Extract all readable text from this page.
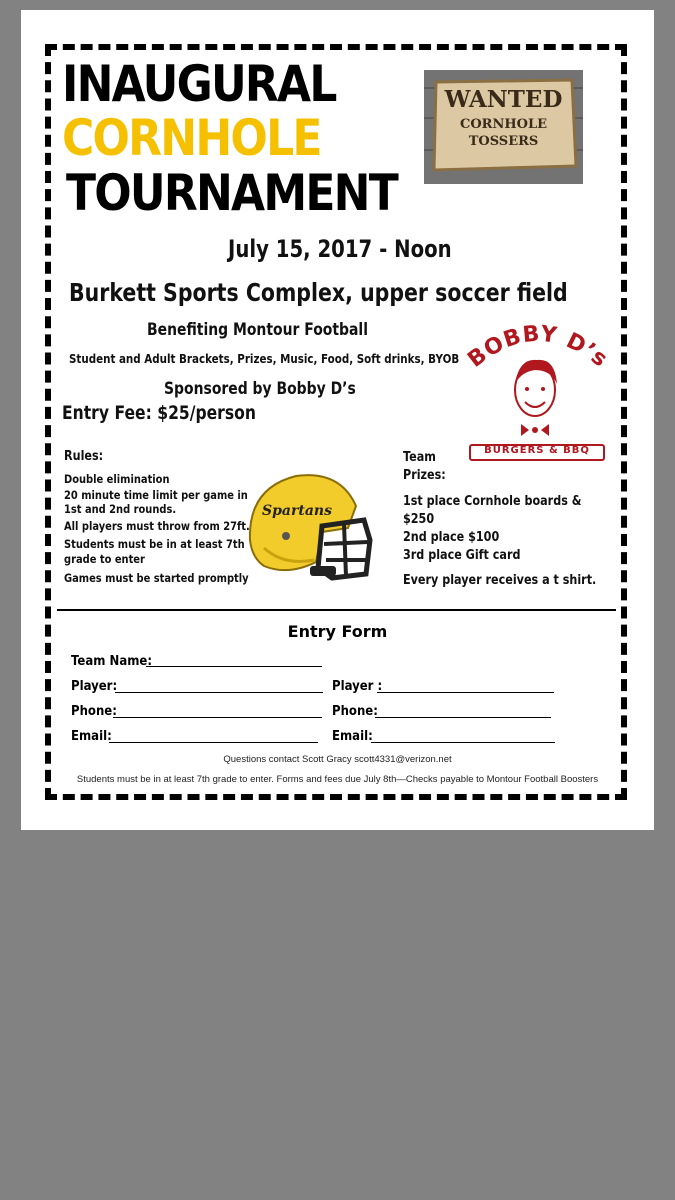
INAUGURAL
CORNHOLE
TOURNAMENT
WANTED
CORNHOLE
TOSSERS
July 15, 2017 - Noon
Burkett Sports Complex, upper soccer field
Benefiting Montour Football
Student and Adult Brackets, Prizes, Music, Food, Soft drinks, BYOB
Sponsored by Bobby D’s
Entry Fee: $25/person
BOBBY D’s
BURGERS & BBQ
Rules:
Double elimination
20 minute time limit per game in
1st and 2nd rounds.
All players must throw from 27ft.
Students must be in at least 7th
grade to enter
Games must be started promptly
Spartans
Team
Prizes:
1st place Cornhole boards &
$250
2nd place $100
3rd place Gift card
Every player receives a t shirt.
Entry Form
Team Name:
Player:	Player :
Phone:	Phone:
Email:	Email:
Questions contact Scott Gracy scott4331@verizon.net
Students must be in at least 7th grade to enter. Forms and fees due July 8th—Checks payable to Montour Football Boosters
